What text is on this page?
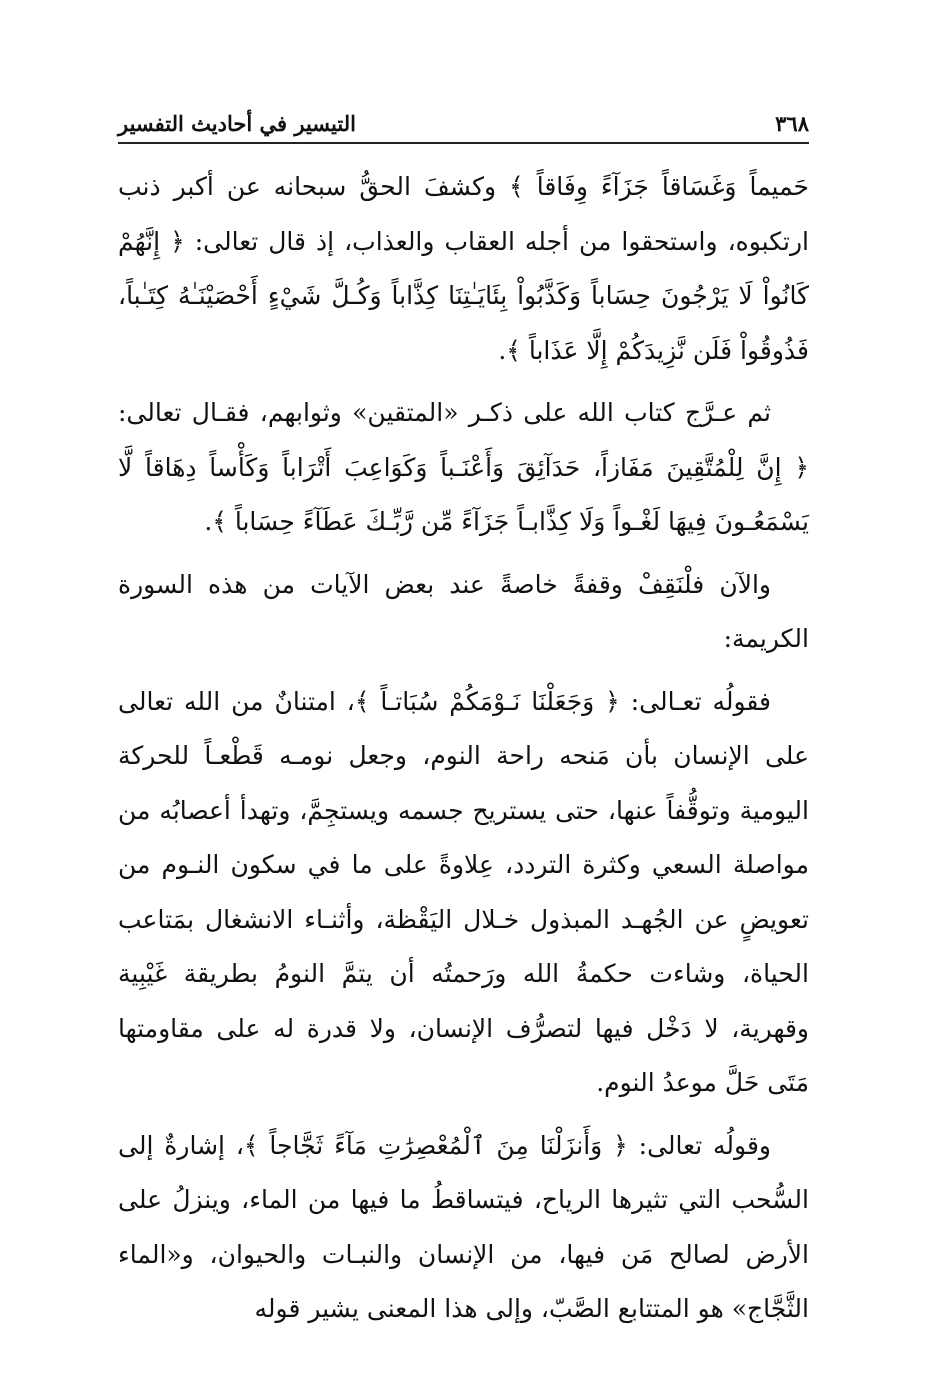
٣٦٨
التيسير في أحاديث التفسير

حَميماً وَغَسَاقاً جَزَآءً وِفَاقاً ﴾ وكشفَ الحقُّ سبحانه عن أكبر ذنب ارتكبوه، واستحقوا من أجله العقاب والعذاب، إذ قال تعالى: ﴿ إِنَّهُمْ كَانُواْ لَا يَرْجُونَ حِسَاباً وَكَذَّبُواْ بِئَايَـٰتِنَا كِذَّاباً وَكُـلَّ شَيْءٍ أَحْصَيْنَـٰهُ كِتَـٰباً، فَذُوقُواْ فَلَن نَّزِيدَكُمْ إِلَّا عَذَاباً ﴾.

ثم عـرَّج كتاب الله على ذكـر «المتقين» وثوابهم، فقـال تعالى: ﴿ إِنَّ لِلْمُتَّقِينَ مَفَازاً، حَدَآئِقَ وَأَعْنَـباً وَكَوَاعِبَ أَتْرَاباً وَكَأْساً دِهَاقاً لَّا يَسْمَعُـونَ فِيهَا لَغْـواً وَلَا كِذَّابـاً جَزَآءً مِّن رَّبِّـكَ عَطَآءً حِسَاباً ﴾.

والآن فلْنَقِفْ وقفةً خاصةً عند بعض الآيات من هذه السورة الكريمة:

فقولُه تعـالى: ﴿ وَجَعَلْنَا نَـوْمَكُمْ سُبَاتـاً ﴾، امتنانٌ من الله تعالى على الإنسان بأن مَنحه راحة النوم، وجعل نومـه قَطْعـاً للحركة اليومية وتوقُّفاً عنها، حتى يستريح جسمه ويستجِمَّ، وتهدأ أعصابُه من مواصلة السعي وكثرة التردد، عِلاوةً على ما في سكون النـوم من تعويضٍ عن الجُهـد المبذول خـلال اليَقْظة، وأثنـاء الانشغال بمَتاعب الحياة، وشاءت حكمةُ الله ورَحمتُه أن يتمَّ النومُ بطريقة غَيْبِية وقهرية، لا دَخْل فيها لتصرُّف الإنسان، ولا قدرة له على مقاومتها مَتَى حَلَّ موعدُ النوم.

وقولُه تعالى: ﴿ وَأَنزَلْنَا مِنَ ٱلْمُعْصِرَٰتِ مَآءً ثَجَّاجاً ﴾، إشارةٌ إلى السُّحب التي تثيرها الرياح، فيتساقطُ ما فيها من الماء، وينزلُ على الأرض لصالح مَن فيها، من الإنسان والنبـات والحيوان، و«الماء الثَّجَّاج» هو المتتابع الصَّبّ، وإلى هذا المعنى يشير قوله
